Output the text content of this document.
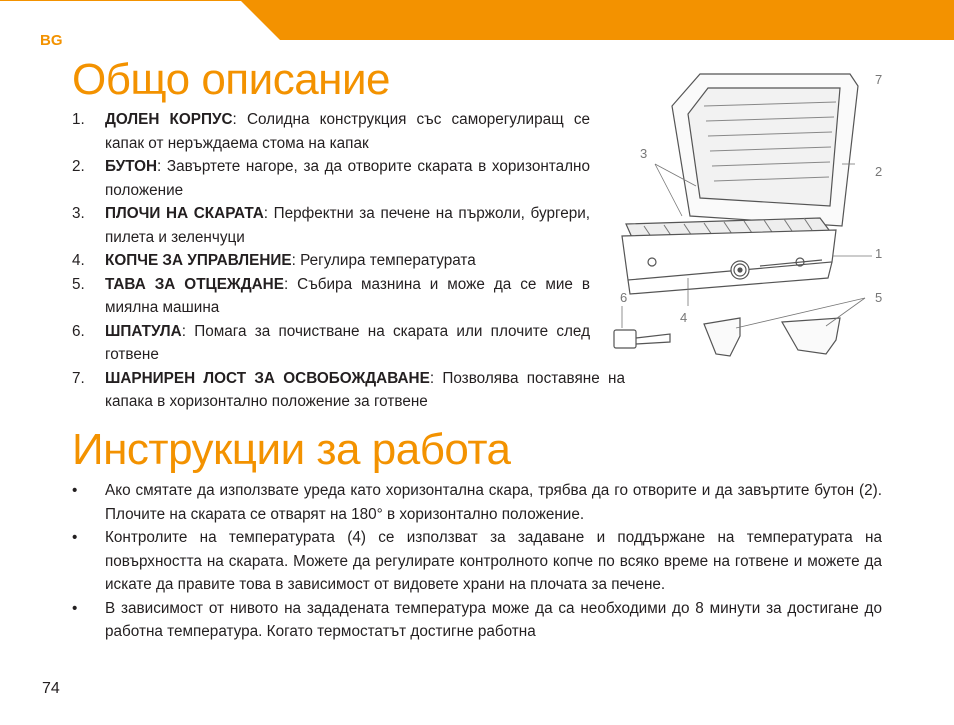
BG
Общо описание
1. ДОЛЕН КОРПУС: Солидна конструкция със саморегулиращ се капак от неръждаема стома на капак
2. БУТОН: Завъртете нагоре, за да отворите скарата в хоризонтално положение
3. ПЛОЧИ НА СКАРАТА: Перфектни за печене на пържоли, бургери, пилета и зеленчуци
4. КОПЧЕ ЗА УПРАВЛЕНИЕ: Регулира температурата
5. ТАВА ЗА ОТЦЕЖДАНЕ: Събира мазнина и може да се мие в миялна машина
6. ШПАТУЛА: Помага за почистване на скарата или плочите след готвене
7. ШАРНИРЕН ЛОСТ ЗА ОСВОБОЖДАВАНЕ: Позволява поставяне на капака в хоризонтално положение за готвене
7
3
2
1
6	5
4
Инструкции за работа
• Ако смятате да използвате уреда като хоризонтална скара, трябва да го отворите и да завъртите бутон (2). Плочите на скарата се отварят на 180° в хоризонтално положение.
• Контролите на температурата (4) се използват за задаване и поддържане на температурата на повърхността на скарата. Можете да регулирате контролното копче по всяко време на готвене и можете да искате да правите това в зависимост от видовете храни на плочата за печене.
• В зависимост от нивото на зададената температура може да са необходими до 8 минути за достигане до работна температура. Когато термостатът достигне работна
74
